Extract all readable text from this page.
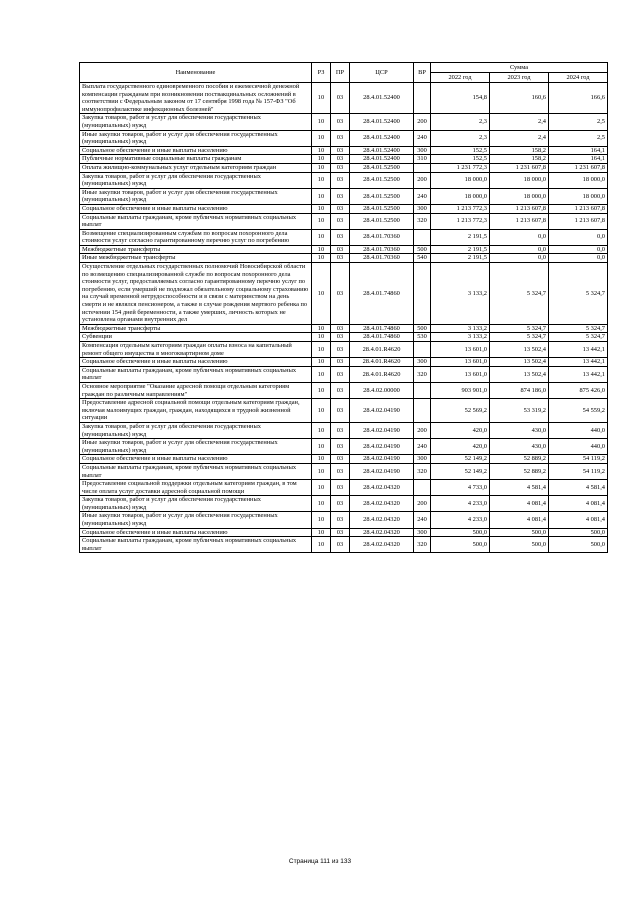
Наименование	РЗ	ПР	ЦСР	ВР	Сумма		
					2022 год	2023 год	2024 год
Выплата государственного единовременного пособия и ежемесячной денежной компенсации гражданам при возникновении поствакцинальных осложнений в соответствии с Федеральным законом от 17 сентября 1998 года № 157-ФЗ "Об иммунопрофилактике инфекционных болезней"	10	03	28.4.01.52400		154,8	160,6	166,6
Закупка товаров, работ и услуг для обеспечения государственных (муниципальных) нужд	10	03	28.4.01.52400	200	2,3	2,4	2,5
Иные закупки товаров, работ и услуг для обеспечения государственных (муниципальных) нужд	10	03	28.4.01.52400	240	2,3	2,4	2,5
Социальное обеспечение и иные выплаты населению	10	03	28.4.01.52400	300	152,5	158,2	164,1
Публичные нормативные социальные выплаты гражданам	10	03	28.4.01.52400	310	152,5	158,2	164,1
Оплата жилищно-коммунальных услуг отдельным категориям граждан	10	03	28.4.01.52500		1 231 772,3	1 231 607,8	1 231 607,8
Закупка товаров, работ и услуг для обеспечения государственных (муниципальных) нужд	10	03	28.4.01.52500	200	18 000,0	18 000,0	18 000,0
Иные закупки товаров, работ и услуг для обеспечения государственных (муниципальных) нужд	10	03	28.4.01.52500	240	18 000,0	18 000,0	18 000,0
Социальное обеспечение и иные выплаты населению	10	03	28.4.01.52500	300	1 213 772,3	1 213 607,8	1 213 607,8
Социальные выплаты гражданам, кроме публичных нормативных социальных выплат	10	03	28.4.01.52500	320	1 213 772,3	1 213 607,8	1 213 607,8
Возмещение специализированным службам по вопросам похоронного дела стоимости услуг согласно гарантированному перечню услуг по погребению	10	03	28.4.01.70360		2 191,5	0,0	0,0
Межбюджетные трансферты	10	03	28.4.01.70360	500	2 191,5	0,0	0,0
Иные межбюджетные трансферты	10	03	28.4.01.70360	540	2 191,5	0,0	0,0
Осуществление отдельных государственных полномочий Новосибирской области по возмещению специализированной службе по вопросам похоронного дела стоимости услуг, предоставляемых согласно гарантированному перечню услуг по погребению, если умерший не подлежал обязательному социальному страхованию на случай временной нетрудоспособности и в связи с материнством на день смерти и не являлся пенсионером, а также в случае рождения мертвого ребенка по истечении 154 дней беременности, а также умерших, личность которых не установлена органами внутренних дел	10	03	28.4.01.74860		3 133,2	5 324,7	5 324,7
Межбюджетные трансферты	10	03	28.4.01.74860	500	3 133,2	5 324,7	5 324,7
Субвенции	10	03	28.4.01.74860	530	3 133,2	5 324,7	5 324,7
Компенсация отдельным категориям граждан оплаты взноса на капитальный ремонт общего имущества в многоквартирном доме	10	03	28.4.01.R4620		13 601,0	13 502,4	13 442,1
Социальное обеспечение и иные выплаты населению	10	03	28.4.01.R4620	300	13 601,0	13 502,4	13 442,1
Социальные выплаты гражданам, кроме публичных нормативных социальных выплат	10	03	28.4.01.R4620	320	13 601,0	13 502,4	13 442,1
Основное мероприятие "Оказание адресной помощи отдельным категориям граждан по различным направлениям"	10	03	28.4.02.00000		903 901,0	874 186,0	875 426,0
Предоставление адресной социальной помощи отдельным категориям граждан, включая малоимущих граждан, граждан, находящихся в трудной жизненной ситуации	10	03	28.4.02.04190		52 569,2	53 319,2	54 559,2
Закупка товаров, работ и услуг для обеспечения государственных (муниципальных) нужд	10	03	28.4.02.04190	200	420,0	430,0	440,0
Иные закупки товаров, работ и услуг для обеспечения государственных (муниципальных) нужд	10	03	28.4.02.04190	240	420,0	430,0	440,0
Социальное обеспечение и иные выплаты населению	10	03	28.4.02.04190	300	52 149,2	52 889,2	54 119,2
Социальные выплаты гражданам, кроме публичных нормативных социальных выплат	10	03	28.4.02.04190	320	52 149,2	52 889,2	54 119,2
Предоставление социальной поддержки отдельным категориям граждан, в том числе оплата услуг доставки адресной социальной помощи	10	03	28.4.02.04320		4 733,0	4 581,4	4 581,4
Закупка товаров, работ и услуг для обеспечения государственных (муниципальных) нужд	10	03	28.4.02.04320	200	4 233,0	4 081,4	4 081,4
Иные закупки товаров, работ и услуг для обеспечения государственных (муниципальных) нужд	10	03	28.4.02.04320	240	4 233,0	4 081,4	4 081,4
Социальное обеспечение и иные выплаты населению	10	03	28.4.02.04320	300	500,0	500,0	500,0
Социальные выплаты гражданам, кроме публичных нормативных социальных выплат	10	03	28.4.02.04320	320	500,0	500,0	500,0
Страница 111 из 133
